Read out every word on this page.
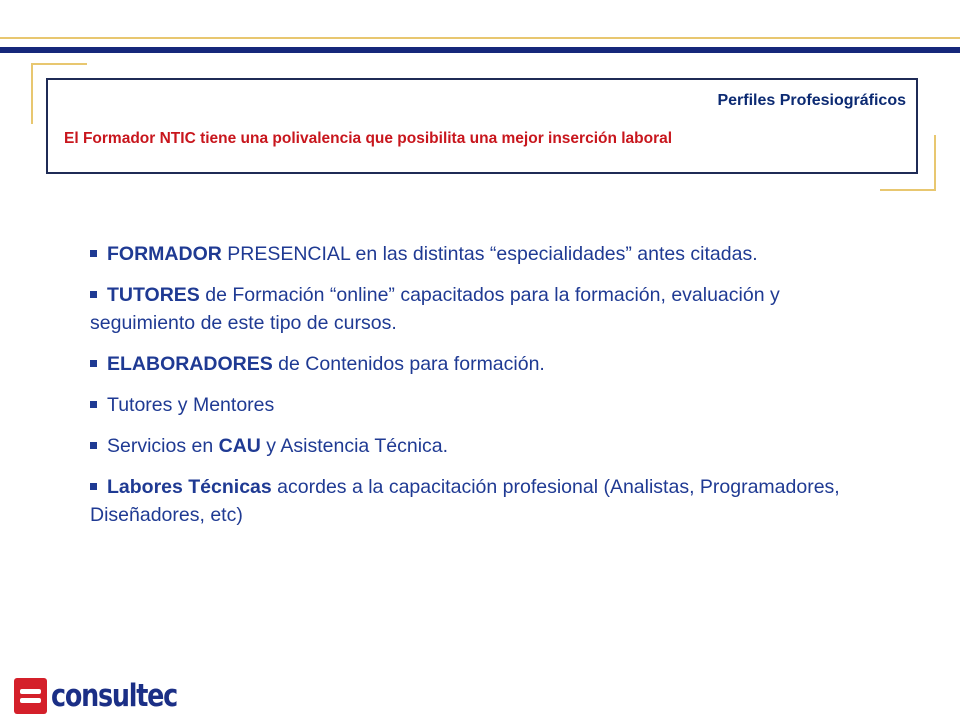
Perfiles Profesiográficos
El Formador NTIC tiene una polivalencia que posibilita una mejor inserción laboral
FORMADOR PRESENCIAL en las distintas “especialidades” antes citadas.
TUTORES de Formación “online” capacitados para la formación, evaluación y seguimiento de este tipo de cursos.
ELABORADORES de Contenidos para formación.
Tutores y Mentores
Servicios en CAU y Asistencia Técnica.
Labores Técnicas acordes a la capacitación profesional (Analistas, Programadores, Diseñadores, etc)
consultec
